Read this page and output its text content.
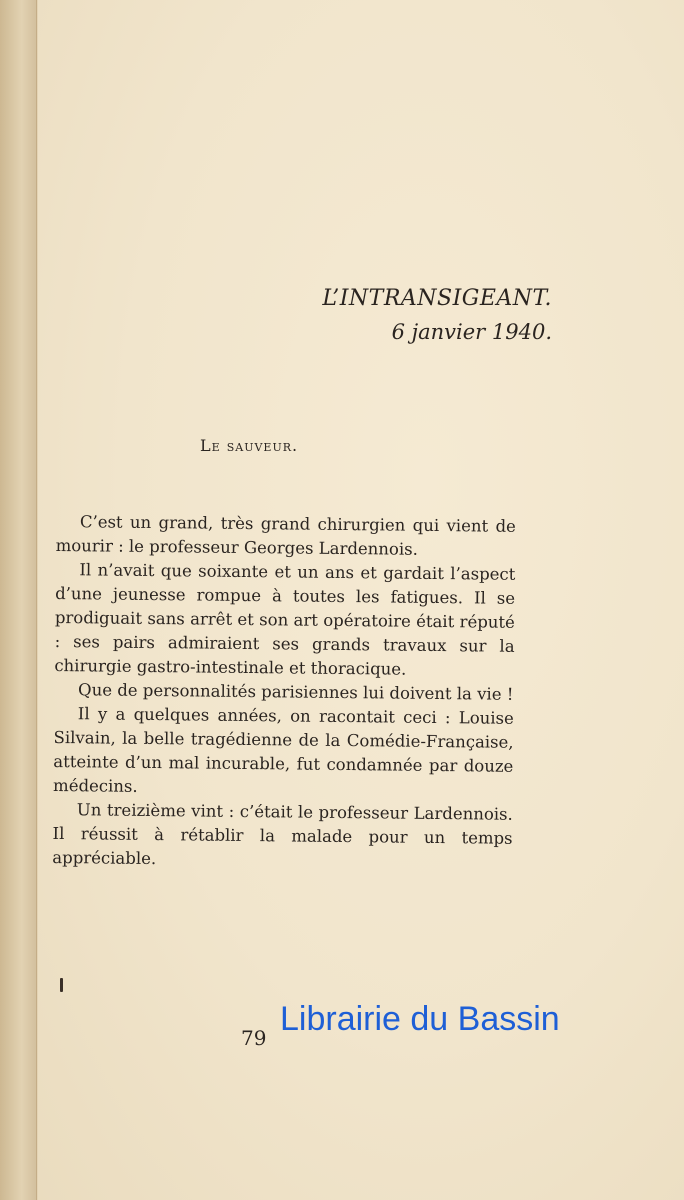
L’INTRANSIGEANT.
6 janvier 1940.
Le sauveur.

C’est un grand, très grand chirurgien qui vient de mourir : le professeur Georges Lardennois.

Il n’avait que soixante et un ans et gardait l’aspect d’une jeunesse rompue à toutes les fatigues. Il se prodiguait sans arrêt et son art opératoire était réputé : ses pairs admiraient ses grands travaux sur la chirurgie gastro-intestinale et thoracique.

Que de personnalités parisiennes lui doivent la vie !

Il y a quelques années, on racontait ceci : Louise Silvain, la belle tragédienne de la Comédie-Française, atteinte d’un mal incurable, fut condamnée par douze médecins.

Un treizième vint : c’était le professeur Lardennois. Il réussit à rétablir la malade pour un temps appréciable.

79 Librairie du Bassin
